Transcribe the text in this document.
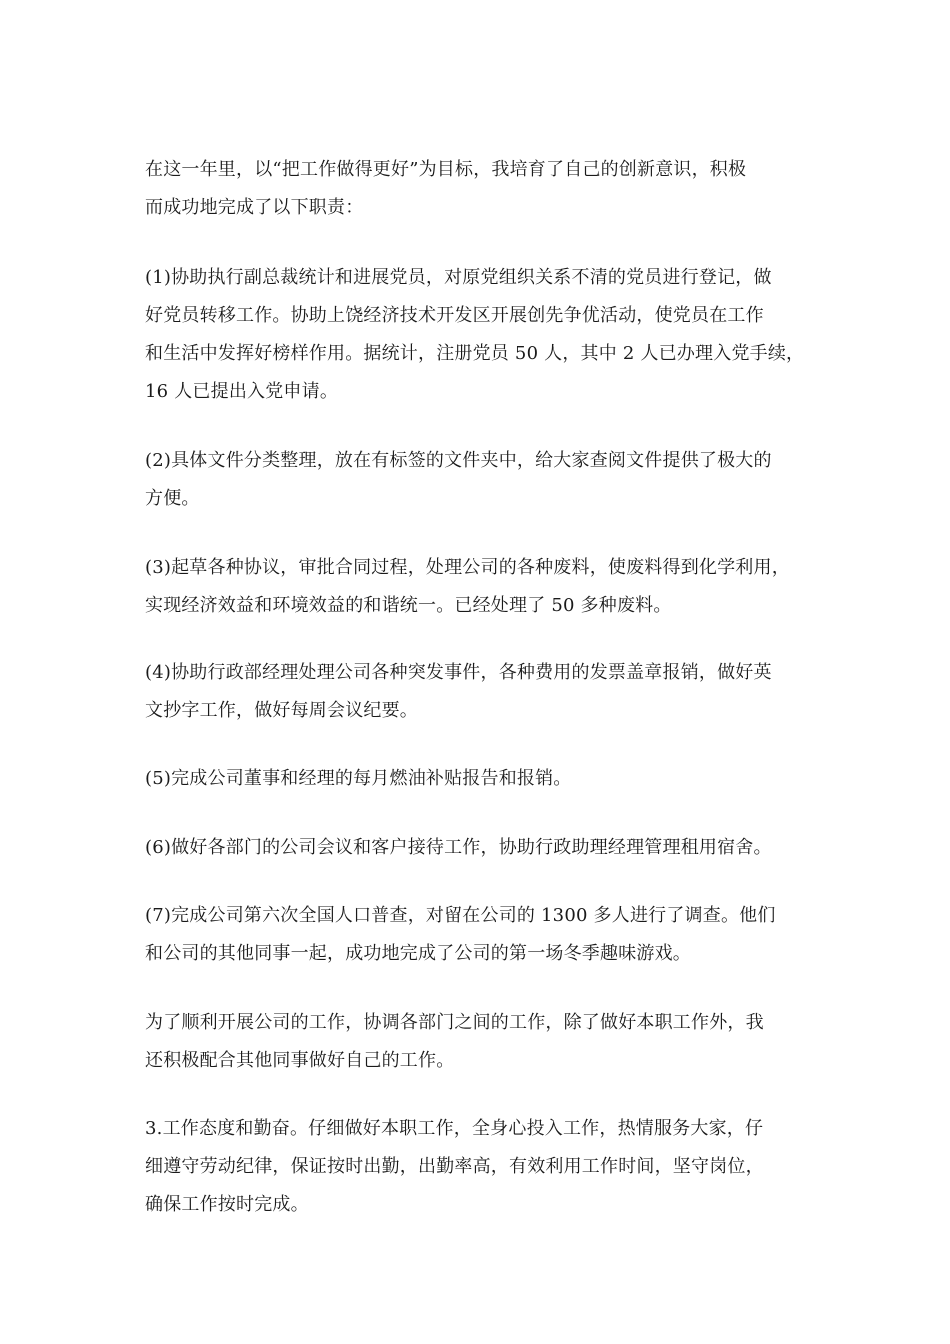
在这一年里，以“把工作做得更好”为目标，我培育了自己的创新意识，积极
而成功地完成了以下职责：
(1)协助执行副总裁统计和进展党员，对原党组织关系不清的党员进行登记，做
好党员转移工作。协助上饶经济技术开发区开展创先争优活动，使党员在工作
和生活中发挥好榜样作用。据统计，注册党员 50 人，其中 2 人已办理入党手续，
16 人已提出入党申请。
(2)具体文件分类整理，放在有标签的文件夹中，给大家查阅文件提供了极大的
方便。
(3)起草各种协议，审批合同过程，处理公司的各种废料，使废料得到化学利用，
实现经济效益和环境效益的和谐统一。已经处理了 50 多种废料。
(4)协助行政部经理处理公司各种突发事件，各种费用的发票盖章报销，做好英
文抄字工作，做好每周会议纪要。
(5)完成公司董事和经理的每月燃油补贴报告和报销。
(6)做好各部门的公司会议和客户接待工作，协助行政助理经理管理租用宿舍。
(7)完成公司第六次全国人口普查，对留在公司的 1300 多人进行了调查。他们
和公司的其他同事一起，成功地完成了公司的第一场冬季趣味游戏。
为了顺利开展公司的工作，协调各部门之间的工作，除了做好本职工作外，我
还积极配合其他同事做好自己的工作。
3.工作态度和勤奋。仔细做好本职工作，全身心投入工作，热情服务大家，仔
细遵守劳动纪律，保证按时出勤，出勤率高，有效利用工作时间，坚守岗位，
确保工作按时完成。
